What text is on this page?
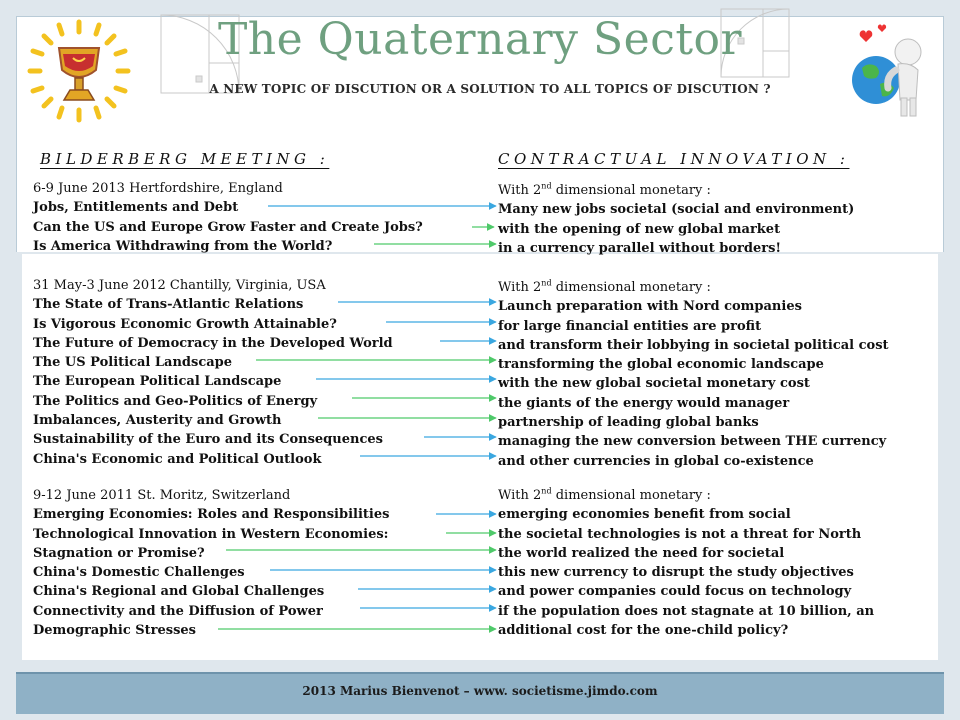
The Quaternary Sector
A NEW TOPIC OF DISCUTION OR A SOLUTION TO ALL TOPICS OF DISCUTION ?
BILDERBERG MEETING :	CONTRACTUAL INNOVATION :
6-9 June 2013 Hertfordshire, England
Jobs, Entitlements and Debt
Can the US and Europe Grow Faster and Create Jobs?
Is America Withdrawing from the World?
With 2nd dimensional monetary :
Many new jobs societal (social and environment)
with the opening of new global market
in a currency parallel without borders!
31 May-3 June 2012 Chantilly, Virginia, USA
The State of Trans-Atlantic Relations
Is Vigorous Economic Growth Attainable?
The Future of Democracy in the Developed World
The US Political Landscape
The European Political Landscape
The Politics and Geo-Politics of Energy
Imbalances, Austerity and Growth
Sustainability of the Euro and its Consequences
China's Economic and Political Outlook
With 2nd dimensional monetary :
Launch preparation with Nord companies
for large financial entities are profit
and transform their lobbying in societal political cost
transforming the global economic landscape
with the new global societal monetary cost
the giants of the energy would manager
partnership of leading global banks
managing the new conversion between THE currency
and other currencies in global co-existence
9-12 June 2011 St. Moritz, Switzerland
Emerging Economies: Roles and Responsibilities
Technological Innovation in Western Economies:
Stagnation or Promise?
China's Domestic Challenges
China's Regional and Global Challenges
Connectivity and the Diffusion of Power
Demographic Stresses
With 2nd dimensional monetary :
emerging economies benefit from social
the societal technologies is not a threat for North
the world realized the need for societal
this new currency to disrupt the study objectives
and power companies could focus on technology
if the population does not stagnate at 10 billion, an
additional cost for the one-child policy?
2013 Marius Bienvenot – www. societisme.jimdo.com
